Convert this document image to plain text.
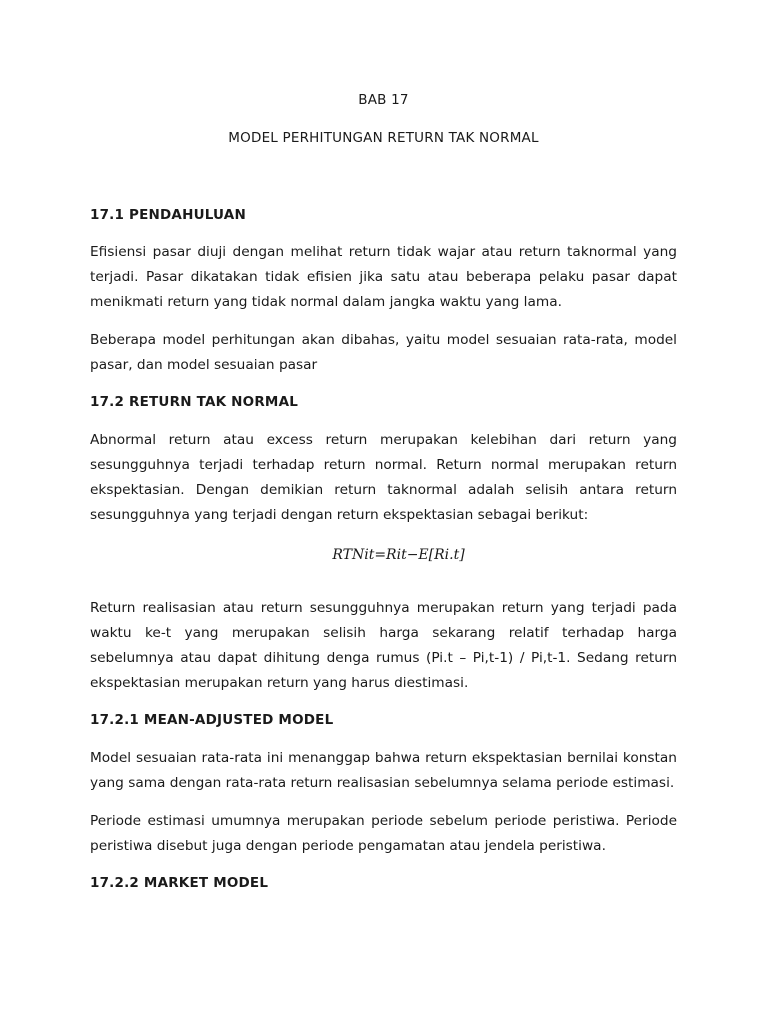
BAB 17
MODEL PERHITUNGAN RETURN TAK NORMAL
17.1 PENDAHULUAN

Efisiensi pasar diuji dengan melihat return tidak wajar atau return taknormal yang terjadi. Pasar dikatakan tidak efisien jika satu atau beberapa pelaku pasar dapat menikmati return yang tidak normal dalam jangka waktu yang lama.

Beberapa model perhitungan akan dibahas, yaitu model sesuaian rata-rata, model pasar, dan model sesuaian pasar

17.2 RETURN TAK NORMAL

Abnormal return atau excess return merupakan kelebihan dari return yang sesungguhnya terjadi terhadap return normal. Return normal merupakan return ekspektasian. Dengan demikian return taknormal adalah selisih antara return sesungguhnya yang terjadi dengan return ekspektasian sebagai berikut:

RTNit=Rit−E[Ri.t]

Return realisasian atau return sesungguhnya merupakan return yang terjadi pada waktu ke-t yang merupakan selisih harga sekarang relatif terhadap harga sebelumnya atau dapat dihitung denga rumus (Pi.t – Pi,t-1) / Pi,t-1. Sedang return ekspektasian merupakan return yang harus diestimasi.

17.2.1 MEAN-ADJUSTED MODEL

Model sesuaian rata-rata ini menanggap bahwa return ekspektasian bernilai konstan yang sama dengan rata-rata return realisasian sebelumnya selama periode estimasi.

Periode estimasi umumnya merupakan periode sebelum periode peristiwa. Periode peristiwa disebut juga dengan periode pengamatan atau jendela peristiwa.

17.2.2 MARKET MODEL
